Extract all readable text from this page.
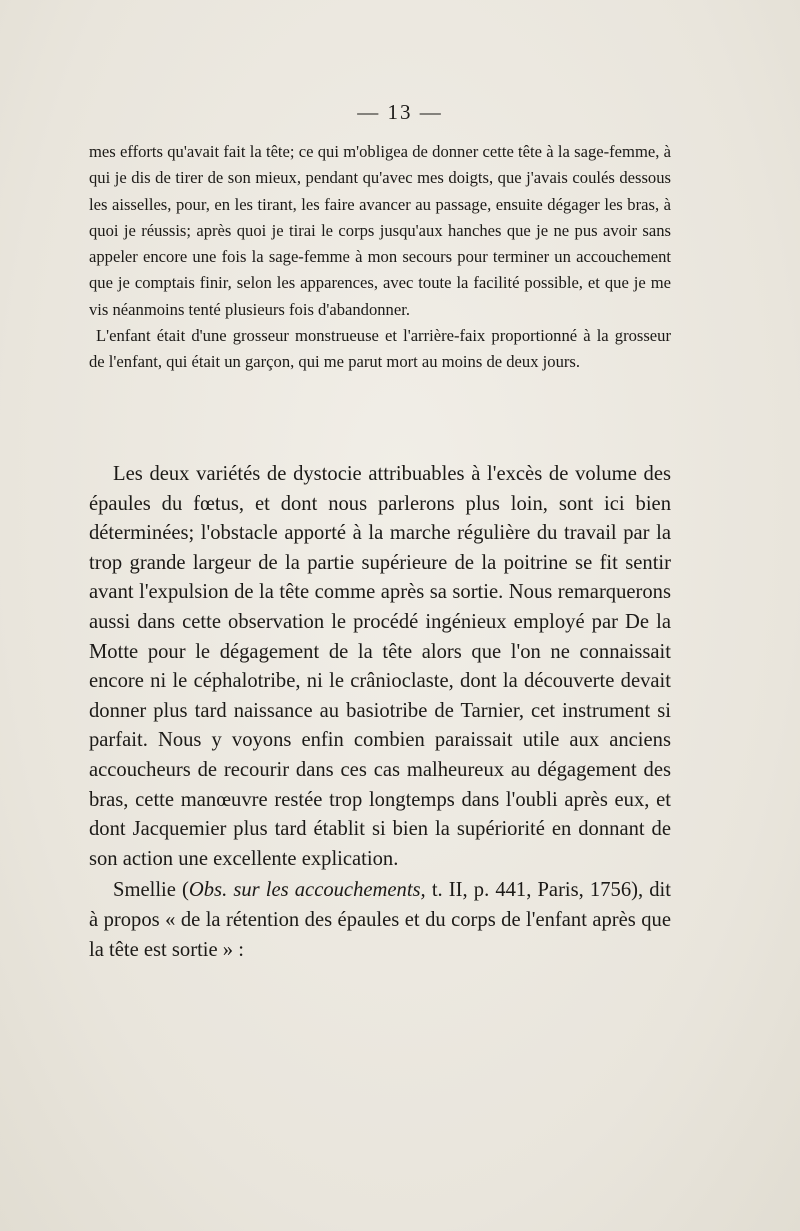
— 13 —

mes efforts qu'avait fait la tête; ce qui m'obligea de donner cette tête à la sage-femme, à qui je dis de tirer de son mieux, pendant qu'avec mes doigts, que j'avais coulés dessous les aisselles, pour, en les tirant, les faire avancer au passage, ensuite dégager les bras, à quoi je réussis; après quoi je tirai le corps jusqu'aux hanches que je ne pus avoir sans appeler encore une fois la sage-femme à mon secours pour terminer un accouchement que je comptais finir, selon les apparences, avec toute la facilité possible, et que je me vis néanmoins tenté plusieurs fois d'abandonner.

L'enfant était d'une grosseur monstrueuse et l'arrière-faix proportionné à la grosseur de l'enfant, qui était un garçon, qui me parut mort au moins de deux jours.

Les deux variétés de dystocie attribuables à l'excès de volume des épaules du fœtus, et dont nous parlerons plus loin, sont ici bien déterminées; l'obstacle apporté à la marche régulière du travail par la trop grande largeur de la partie supérieure de la poitrine se fit sentir avant l'expulsion de la tête comme après sa sortie. Nous remarquerons aussi dans cette observation le procédé ingénieux employé par De la Motte pour le dégagement de la tête alors que l'on ne connaissait encore ni le céphalotribe, ni le crâniоclaste, dont la découverte devait donner plus tard naissance au basiotribe de Tarnier, cet instrument si parfait. Nous y voyons enfin combien paraissait utile aux anciens accoucheurs de recourir dans ces cas malheureux au dégagement des bras, cette manœuvre restée trop longtemps dans l'oubli après eux, et dont Jacquemier plus tard établit si bien la supériorité en donnant de son action une excellente explication.

Smellie (Obs. sur les accouchements, t. II, p. 441, Paris, 1756), dit à propos « de la rétention des épaules et du corps de l'enfant après que la tête est sortie » :
